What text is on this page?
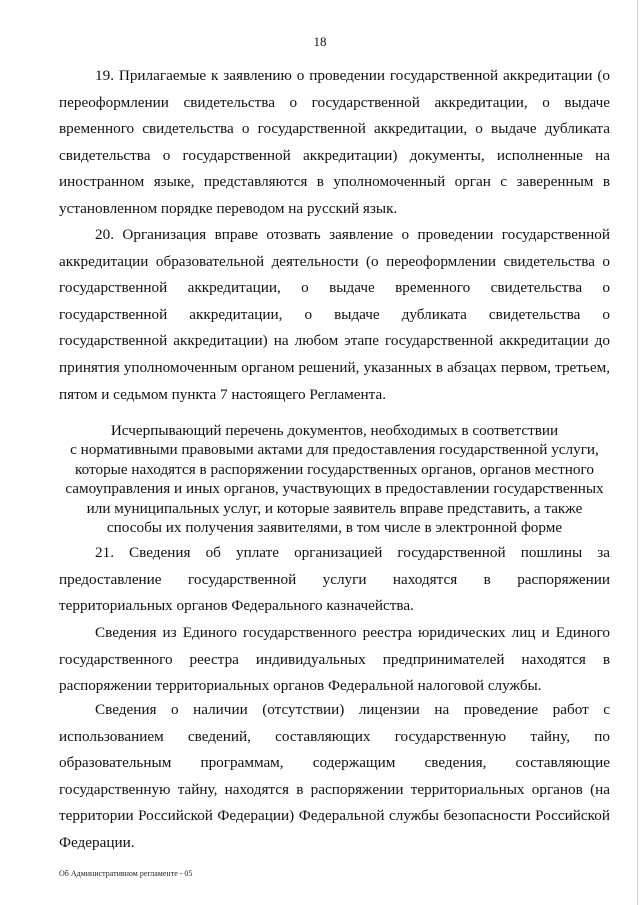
18

19. Прилагаемые к заявлению о проведении государственной аккредитации (о переоформлении свидетельства о государственной аккредитации, о выдаче временного свидетельства о государственной аккредитации, о выдаче дубликата свидетельства о государственной аккредитации) документы, исполненные на иностранном языке, представляются в уполномоченный орган с заверенным в установленном порядке переводом на русский язык.

20. Организация вправе отозвать заявление о проведении государственной аккредитации образовательной деятельности (о переоформлении свидетельства о государственной аккредитации, о выдаче временного свидетельства о государственной аккредитации, о выдаче дубликата свидетельства о государственной аккредитации) на любом этапе государственной аккредитации до принятия уполномоченным органом решений, указанных в абзацах первом, третьем, пятом и седьмом пункта 7 настоящего Регламента.

Исчерпывающий перечень документов, необходимых в соответствии
с нормативными правовыми актами для предоставления государственной услуги,
которые находятся в распоряжении государственных органов, органов местного
самоуправления и иных органов, участвующих в предоставлении государственных
или муниципальных услуг, и которые заявитель вправе представить, а также
способы их получения заявителями, в том числе в электронной форме

21. Сведения об уплате организацией государственной пошлины за предоставление государственной услуги находятся в распоряжении территориальных органов Федерального казначейства.

Сведения из Единого государственного реестра юридических лиц и Единого государственного реестра индивидуальных предпринимателей находятся в распоряжении территориальных органов Федеральной налоговой службы.

Сведения о наличии (отсутствии) лицензии на проведение работ с использованием сведений, составляющих государственную тайну, по образовательным программам, содержащим сведения, составляющие государственную тайну, находятся в распоряжении территориальных органов (на территории Российской Федерации) Федеральной службы безопасности Российской Федерации.

Об Административном регламенте - 05
